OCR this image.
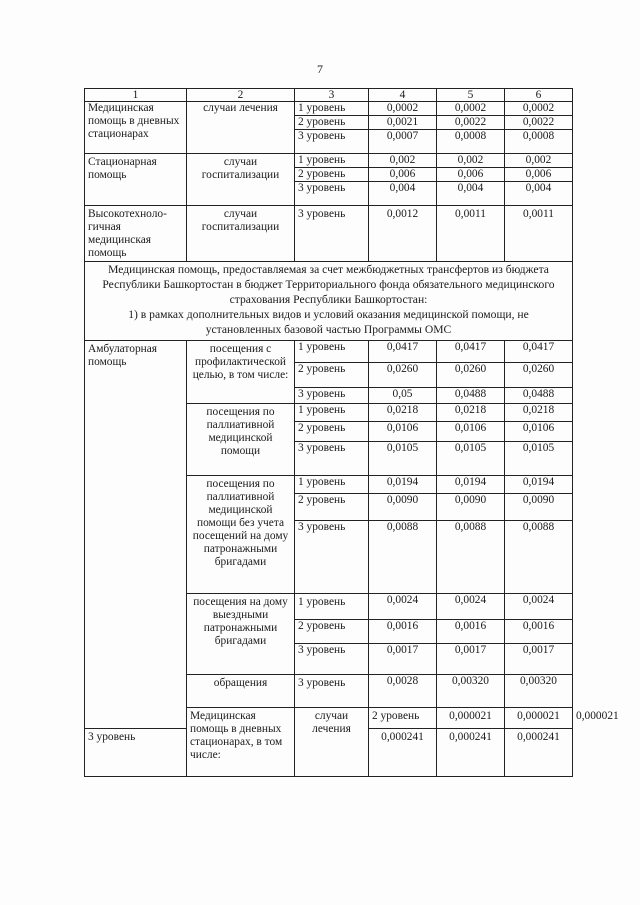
7
1	2	3	4	5	6	
Медицинская помощь в дневных стационарах	случаи лечения	1 уровень	0,0002	0,0002	0,0002	
		2 уровень	0,0021	0,0022	0,0022	
		3 уровень	0,0007	0,0008	0,0008	
Стационарная помощь	случаи госпитализации	1 уровень	0,002	0,002	0,002	
		2 уровень	0,006	0,006	0,006	
		3 уровень	0,004	0,004	0,004	
Высокотехноло-гичная медицинская помощь	случаи госпитализации	3 уровень	0,0012	0,0011	0,0011	

Медицинская помощь, предоставляемая за счет межбюджетных трансфертов из бюджета Республики Башкортостан в бюджет Территориального фонда обязательного медицинского страхования Республики Башкортостан:
1) в рамках дополнительных видов и условий оказания медицинской помощи, не установленных базовой частью Программы ОМС						

Амбулаторная помощь	посещения с профилактической целью, в том числе:	1 уровень	0,0417	0,0417	0,0417	
		2 уровень	0,0260	0,0260	0,0260	
		3 уровень	0,05	0,0488	0,0488	
	посещения по паллиативной медицинской помощи	1 уровень	0,0218	0,0218	0,0218	
		2 уровень	0,0106	0,0106	0,0106	
		3 уровень	0,0105	0,0105	0,0105	
	посещения по паллиативной медицинской помощи без учета посещений на дому патронажными бригадами	1 уровень	0,0194	0,0194	0,0194	
		2 уровень	0,0090	0,0090	0,0090	
		3 уровень	0,0088	0,0088	0,0088	
	посещения на дому выездными патронажными бригадами	1 уровень	0,0024	0,0024	0,0024	
		2 уровень	0,0016	0,0016	0,0016	
		3 уровень	0,0017	0,0017	0,0017	
	обращения	3 уровень	0,0028	0,00320	0,00320	
	Медицинская помощь в дневных стационарах, в том числе:	случаи лечения	2 уровень	0,000021	0,000021	0,000021
3 уровень			0,000241	0,000241	0,000241	
